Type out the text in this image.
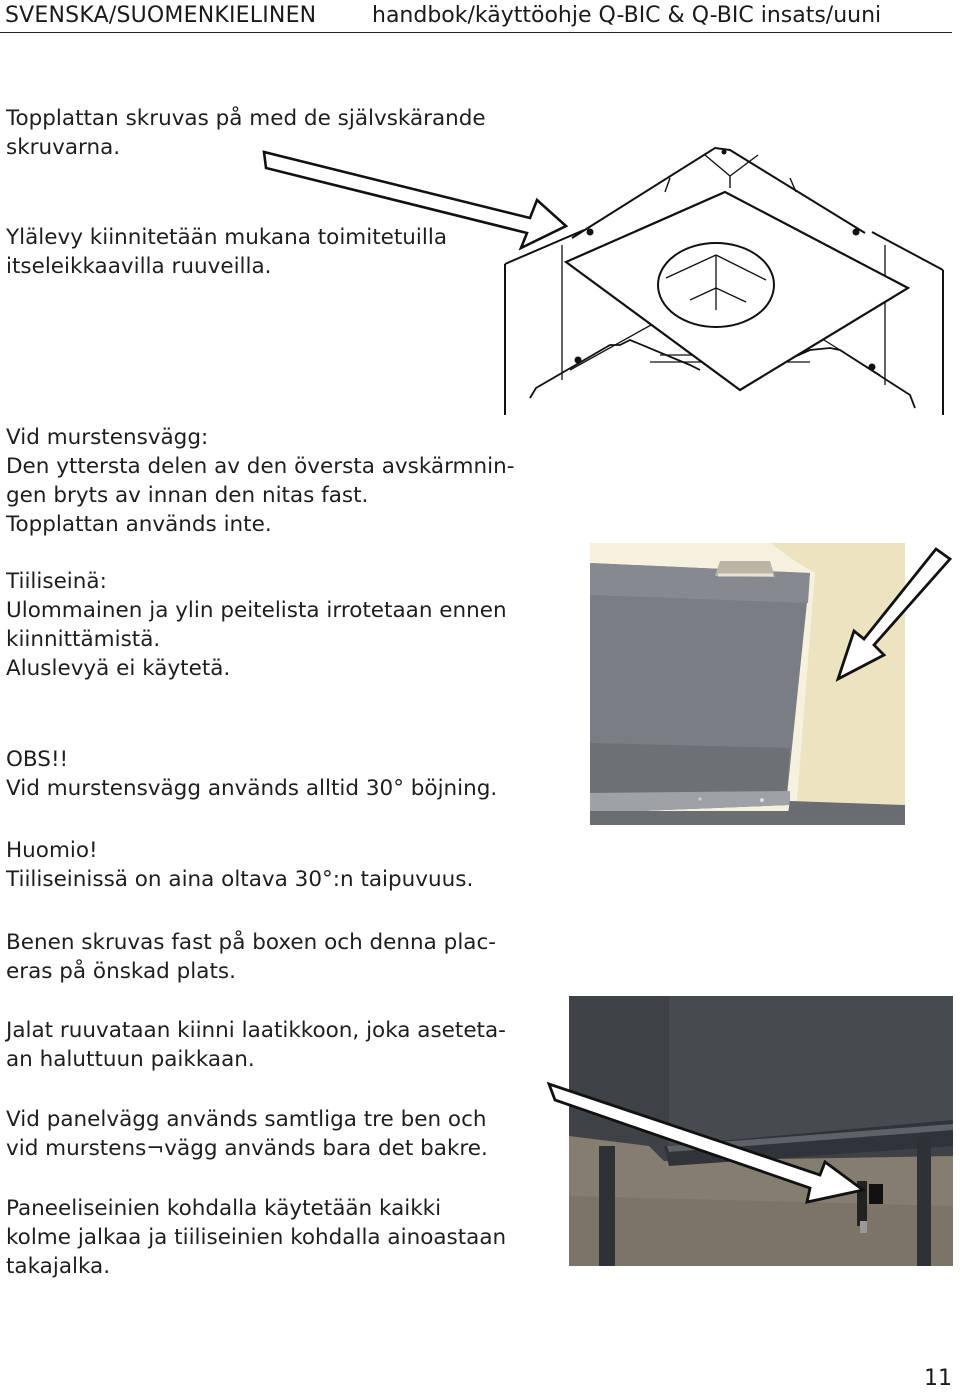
SVENSKA/SUOMENKIELINEN	handbok/käyttöohje Q-BIC & Q-BIC insats/uuni
Topplattan skruvas på med de självskärande
skruvarna.
Ylälevy kiinnitetään mukana toimitetuilla
itseleikkaavilla ruuveilla.
Vid murstensvägg:
Den yttersta delen av den översta avskärmnin-
gen bryts av innan den nitas fast.
Topplattan används inte.
Tiiliseinä:
Ulommainen ja ylin peitelista irrotetaan ennen
kiinnittämistä.
Aluslevyä ei käytetä.
OBS!!
Vid murstensvägg används alltid 30° böjning.
Huomio!
Tiiliseinissä on aina oltava 30°:n taipuvuus.
Benen skruvas fast på boxen och denna plac-
eras på önskad plats.
Jalat ruuvataan kiinni laatikkoon, joka aseteta-
an haluttuun paikkaan.
Vid panelvägg används samtliga tre ben och
vid murstens¬vägg används bara det bakre.
Paneeliseinien kohdalla käytetään kaikki
kolme jalkaa ja tiiliseinien kohdalla ainoastaan
takajalka.
11
